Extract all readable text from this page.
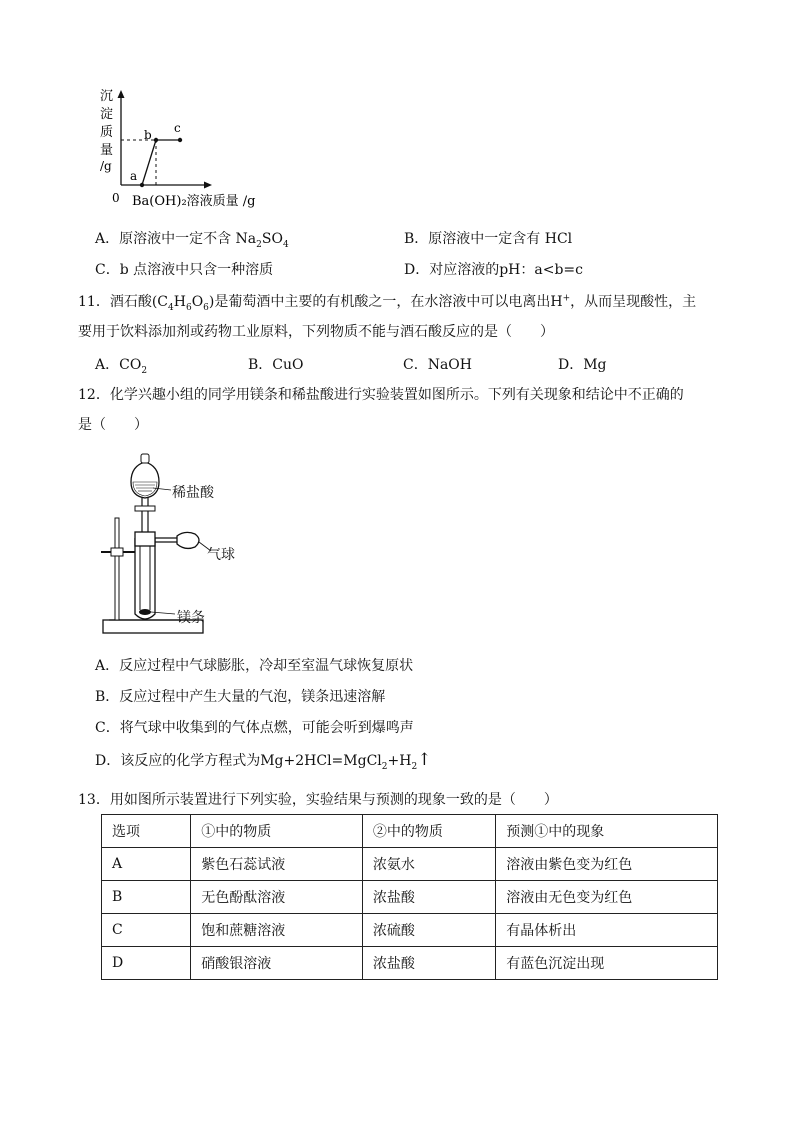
沉
淀
质
量
/g
a
b c
0 Ba(OH)₂溶液质量 /g
A．原溶液中一定不含 $Na_2SO_4$	B．原溶液中一定含有 HCl
C．b 点溶液中只含一种溶质	D．对应溶液的pH：a<b=c
11．酒石酸$(C_4H_6O_6)$是葡萄酒中主要的有机酸之一，在水溶液中可以电离出H+，从而呈现酸性，主
要用于饮料添加剂或药物工业原料，下列物质不能与酒石酸反应的是（　　）
A．$CO_2$	B．CuO	C．NaOH	D．Mg
12．化学兴趣小组的同学用镁条和稀盐酸进行实验装置如图所示。下列有关现象和结论中不正确的
是（　　）
稀盐酸
气球
镁条
A．反应过程中气球膨胀，冷却至室温气球恢复原状
B．反应过程中产生大量的气泡，镁条迅速溶解
C．将气球中收集到的气体点燃，可能会听到爆鸣声
D．该反应的化学方程式为$Mg+2HCl=MgCl_2+H_2↑$
13．用如图所示装置进行下列实验，实验结果与预测的现象一致的是（　　）
选项	①中的物质	②中的物质	预测①中的现象
A	紫色石蕊试液	浓氨水	溶液由紫色变为红色
B	无色酚酞溶液	浓盐酸	溶液由无色变为红色
C	饱和蔗糖溶液	浓硫酸	有晶体析出
D	硝酸银溶液	浓盐酸	有蓝色沉淀出现
